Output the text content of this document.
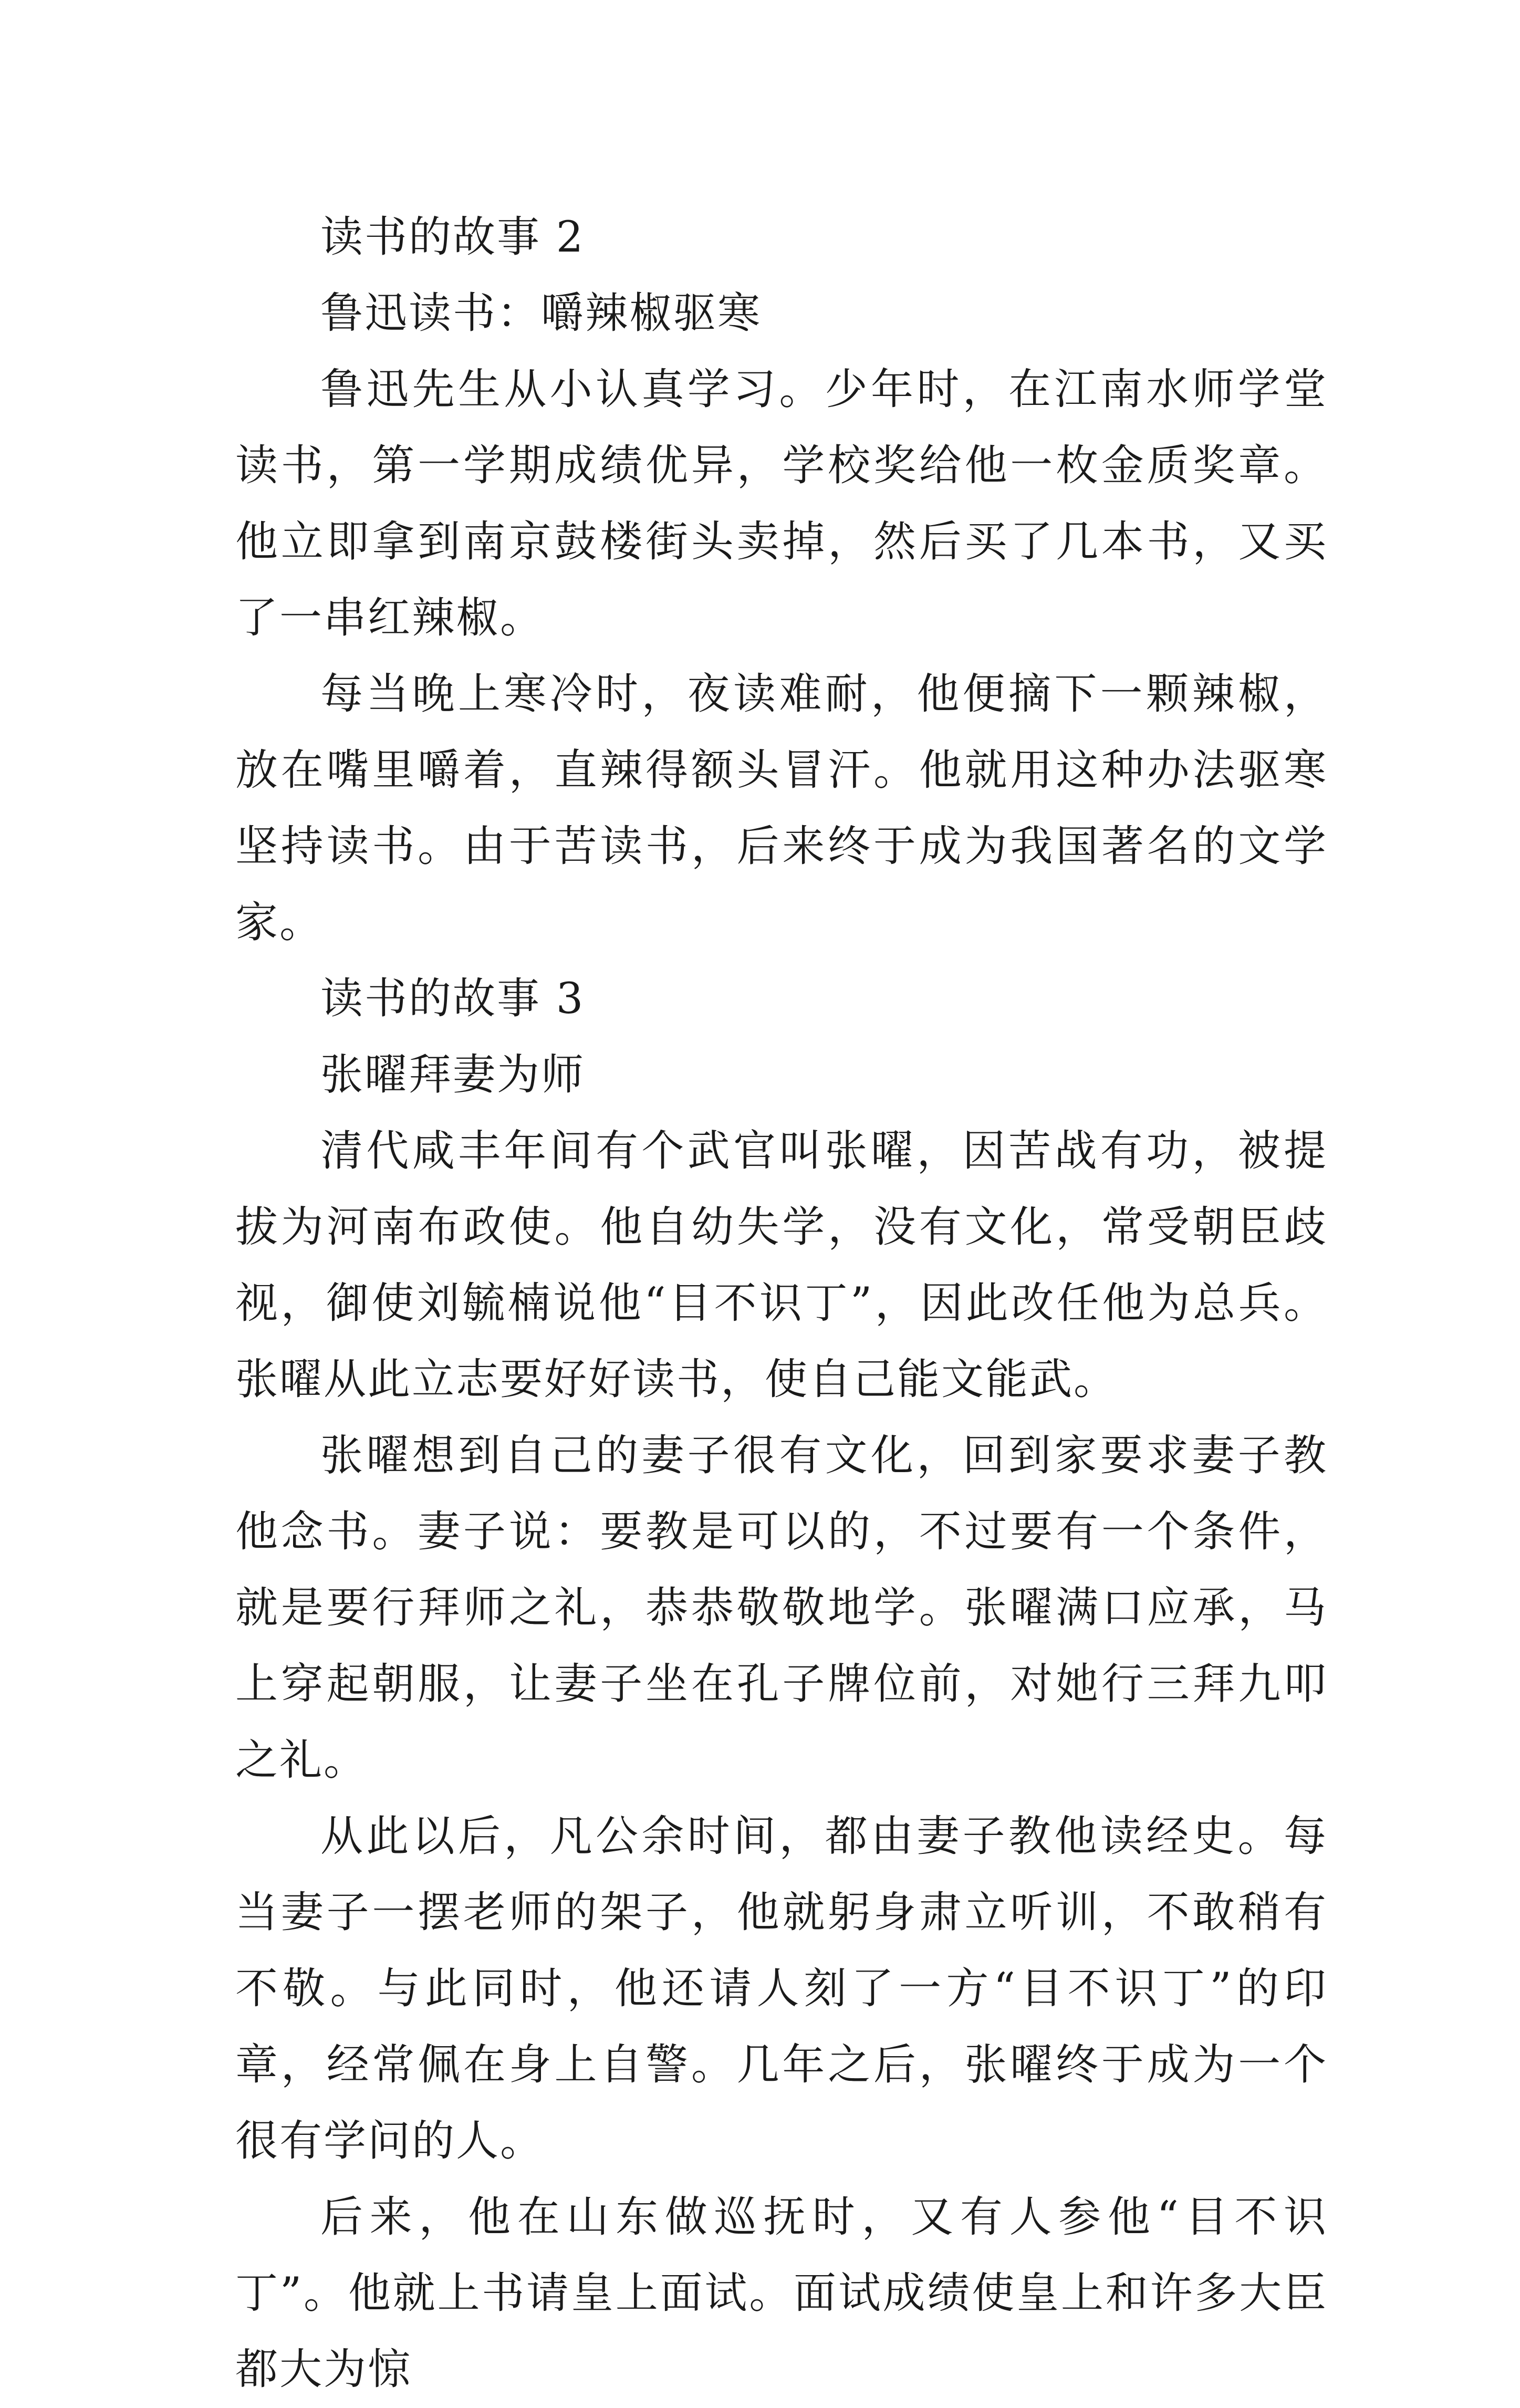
读书的故事 2

鲁迅读书：嚼辣椒驱寒

鲁迅先生从小认真学习。少年时，在江南水师学堂读书，第一学期成绩优异，学校奖给他一枚金质奖章。他立即拿到南京鼓楼街头卖掉，然后买了几本书，又买了一串红辣椒。

每当晚上寒冷时，夜读难耐，他便摘下一颗辣椒，放在嘴里嚼着，直辣得额头冒汗。他就用这种办法驱寒坚持读书。由于苦读书，后来终于成为我国著名的文学家。

读书的故事 3

张曜拜妻为师

清代咸丰年间有个武官叫张曜，因苦战有功，被提拔为河南布政使。他自幼失学，没有文化，常受朝臣歧视，御使刘毓楠说他“目不识丁”，因此改任他为总兵。张曜从此立志要好好读书，使自己能文能武。

张曜想到自己的妻子很有文化，回到家要求妻子教他念书。妻子说：要教是可以的，不过要有一个条件，就是要行拜师之礼，恭恭敬敬地学。张曜满口应承，马上穿起朝服，让妻子坐在孔子牌位前，对她行三拜九叩之礼。

从此以后，凡公余时间，都由妻子教他读经史。每当妻子一摆老师的架子，他就躬身肃立听训，不敢稍有不敬。与此同时，他还请人刻了一方“目不识丁”的印章，经常佩在身上自警。几年之后，张曜终于成为一个很有学问的人。

后来，他在山东做巡抚时，又有人参他“目不识丁”。他就上书请皇上面试。面试成绩使皇上和许多大臣都大为惊
